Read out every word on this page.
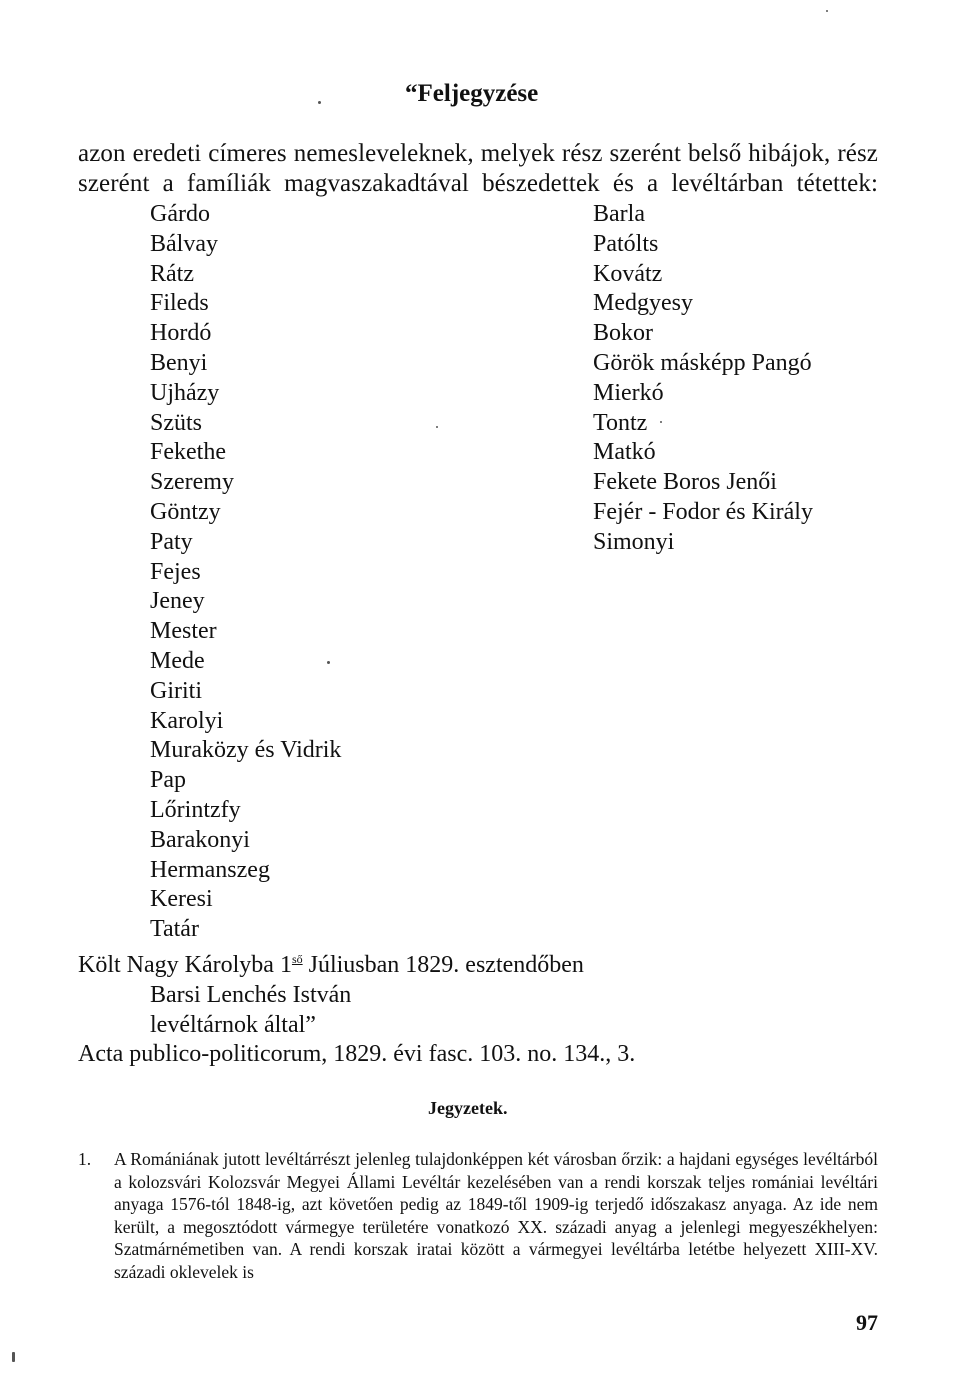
“Feljegyzése
azon eredeti címeres nemesleveleknek, melyek rész szerént belső hibájok, rész
szerént a famíliák magvaszakadtával bészedettek és a levéltárban tétettek:
Gárdo
Bálvay
Rátz
Fileds
Hordó
Benyi
Ujházy
Szüts
Fekethe
Szeremy
Göntzy
Paty
Fejes
Jeney
Mester
Mede
Giriti
Karolyi
Muraközy és Vidrik
Pap
Lőrintzfy
Barakonyi
Hermanszeg
Keresi
Tatár
Barla
Patólts
Kovátz
Medgyesy
Bokor
Görök másképp Pangó
Mierkó
Tontz
Matkó
Fekete Boros Jenői
Fejér - Fodor és Király
Simonyi
Költ Nagy Károlyba $1^{ső}$ Júliusban 1829. esztendőben
Barsi Lenchés István
levéltárnok által”
Acta publico-politicorum, 1829. évi fasc. 103. no. 134., 3.
Jegyzetek.
1. A Romániának jutott levéltárrészt jelenleg tulajdonképpen két városban őrzik: a hajdani egységes levéltárból a kolozsvári Kolozsvár Megyei Állami Levéltár kezelésében van a rendi korszak teljes romániai levéltári anyaga 1576-tól 1848-ig, azt követően pedig az 1849-től 1909-ig terjedő időszakasz anyaga. Az ide nem került, a megosztódott vármegye területére vonatkozó XX. századi anyag a jelenlegi megyeszékhelyen: Szatmárnémetiben van. A rendi korszak iratai között a vármegyei levéltárba letétbe helyezett XIII-XV. századi oklevelek is
97
